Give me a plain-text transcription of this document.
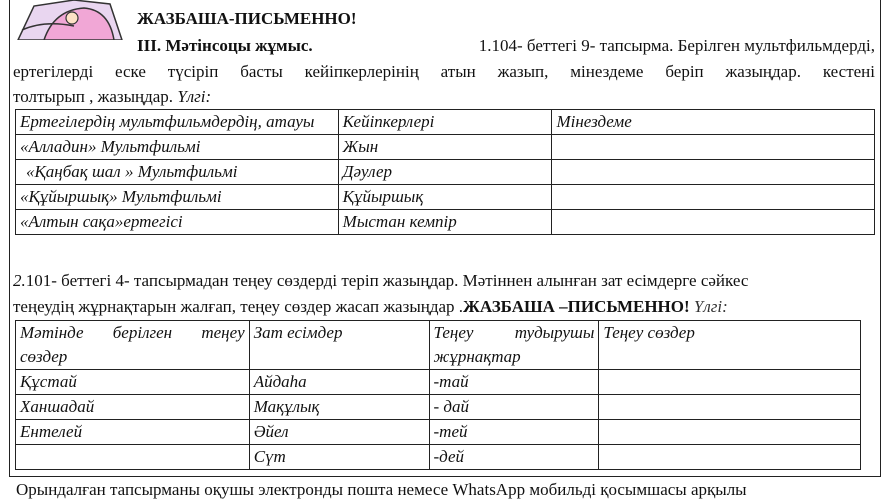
ЖАЗБАША-ПИСЬМЕННО!
III. Мәтінсоцы жұмыс.	1.104- беттегі 9- тапсырма. Берілген мультфильмдерді,
ертегілерді еске түсіріп басты кейіпкерлерінің атын жазып, мінездеме беріп жазыңдар. кестені
толтырып , жазыңдар. Үлгі:
Ертегілердің мультфильмдердің, атауы	Кейіпкерлері	Мінездеме
«Алладин» Мультфильмі	Жын	
«Қаңбақ шал » Мультфильмі	Дәулер	
«Құйыршық» Мультфильмі	Құйыршық	
«Алтын сақа»ертегісі	Мыстан кемпір	
2.101- беттегі 4- тапсырмадан теңеу сөздерді теріп жазыңдар. Мәтіннен алынған зат есімдерге сәйкес
теңеудің жұрнақтарын жалғап, теңеу сөздер жасап жазыңдар .ЖАЗБАША –ПИСЬМЕННО! Үлгі:
Мәтінде берілген теңеу сөздер	Зат есімдер	Теңеу тудырушы жұрнақтар	Теңеу сөздер
Құстай	Айдаһа	-тай	
Ханшадай	Мақұлық	- дай	
Ентелей	Әйел	-тей	
	Сүт	-дей	
Орындалған тапсырманы оқушы электронды пошта немесе WhatsApp мобильді қосымшасы арқылы
